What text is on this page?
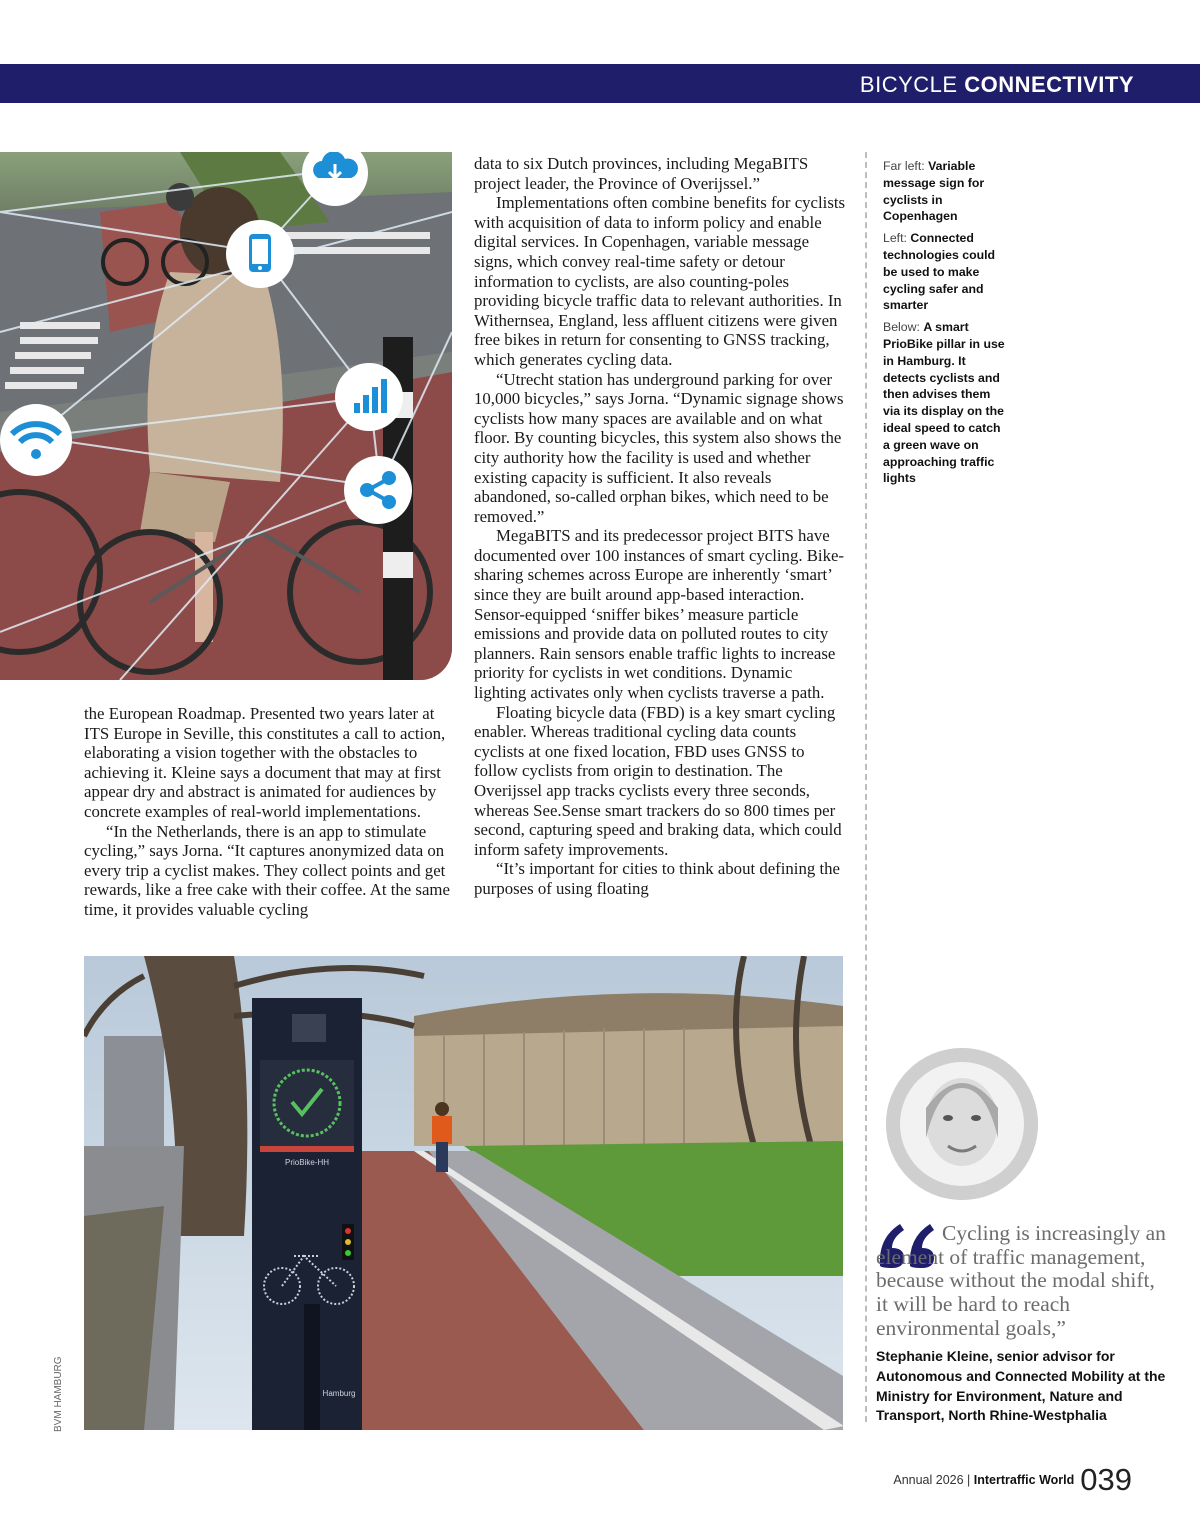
BICYCLE CONNECTIVITY

data to six Dutch provinces, including MegaBITS project leader, the Province of Overijssel.”

Implementations often combine benefits for cyclists with acquisition of data to inform policy and enable digital services. In Copenhagen, variable message signs, which convey real-time safety or detour information to cyclists, are also counting-poles providing bicycle traffic data to relevant authorities. In Withernsea, England, less affluent citizens were given free bikes in return for consenting to GNSS tracking, which generates cycling data.

“Utrecht station has underground parking for over 10,000 bicycles,” says Jorna. “Dynamic signage shows cyclists how many spaces are available and on what floor. By counting bicycles, this system also shows the city authority how the facility is used and whether existing capacity is sufficient. It also reveals abandoned, so-called orphan bikes, which need to be removed.”

MegaBITS and its predecessor project BITS have documented over 100 instances of smart cycling. Bike-sharing schemes across Europe are inherently ‘smart’ since they are built around app-based interaction. Sensor-equipped ‘sniffer bikes’ measure particle emissions and provide data on polluted routes to city planners. Rain sensors enable traffic lights to increase priority for cyclists in wet conditions. Dynamic lighting activates only when cyclists traverse a path.

Floating bicycle data (FBD) is a key smart cycling enabler. Whereas traditional cycling data counts cyclists at one fixed location, FBD uses GNSS to follow cyclists from origin to destination. The Overijssel app tracks cyclists every three seconds, whereas See.Sense smart trackers do so 800 times per second, capturing speed and braking data, which could inform safety improvements.

“It’s important for cities to think about defining the purposes of using floating

the European Roadmap. Presented two years later at ITS Europe in Seville, this constitutes a call to action, elaborating a vision together with the obstacles to achieving it. Kleine says a document that may at first appear dry and abstract is animated for audiences by concrete examples of real-world implementations.

“In the Netherlands, there is an app to stimulate cycling,” says Jorna. “It captures anonymized data on every trip a cyclist makes. They collect points and get rewards, like a free cake with their coffee. At the same time, it provides valuable cycling

Far left: Variable message sign for cyclists in Copenhagen
Left: Connected technologies could be used to make cycling safer and smarter
Below: A smart PrioBike pillar in use in Hamburg. It detects cyclists and then advises them via its display on the ideal speed to catch a green wave on approaching traffic lights
PrioBike-HH
Hamburg
BVM HAMBURG
Cycling is increasingly an element of traffic management, because without the modal shift, it will be hard to reach environmental goals,”
Stephanie Kleine, senior advisor for Autonomous and Connected Mobility at the Ministry for Environment, Nature and Transport, North Rhine-Westphalia
$^{Annual 2026 | Intertraffic World}$ 039
